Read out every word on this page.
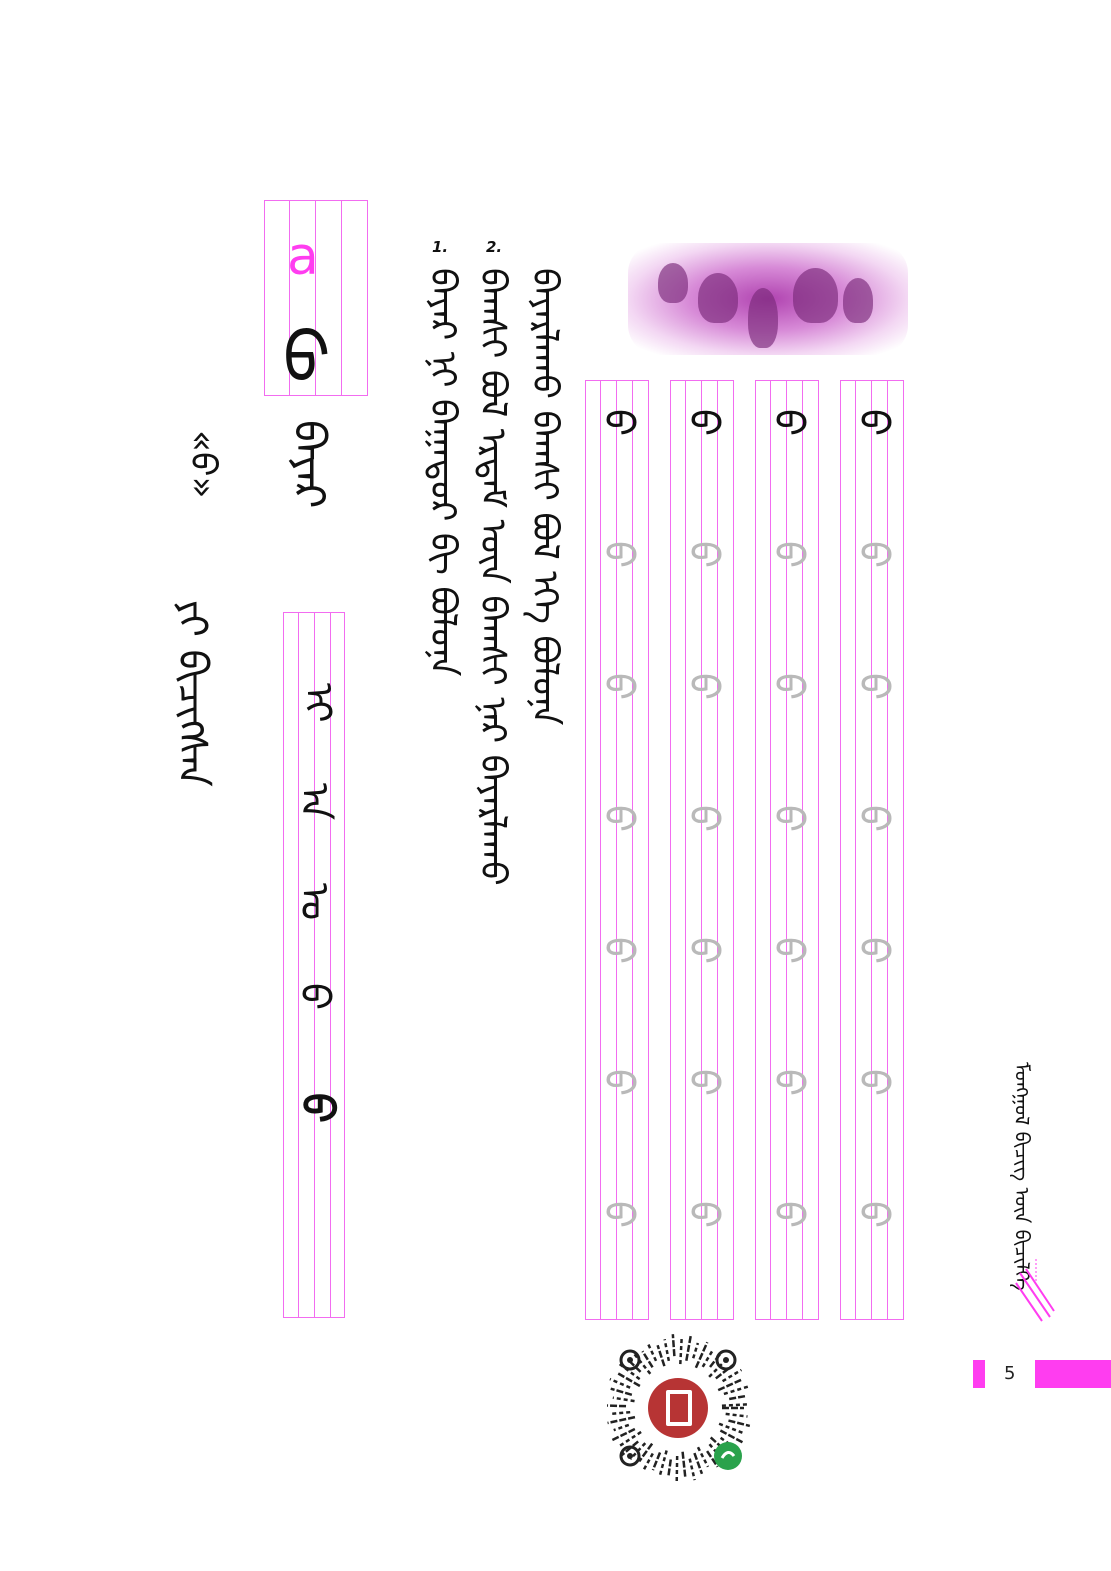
a
ᠪ
ᠪᠠᠶᠠᠷ
ᠢ
ᠠ
ᠣ
ᠪ
ᠪ
«ᠪ»
ᠶᠢ ᠪᠢᠴᠢᠭᠰᠡᠨ
1.	2.
ᠪᠠᠶᠠᠷ ᠨᠢ ᠪᠠᠭᠠᠲᠤᠷ ᠪᠢ ᠪᠤᠯᠤᠨᠠ ᠪᠠᠭᠰᠢ ᠪᠣᠯ ᠡᠷᠳᠡᠮ ᠦᠨ ᠪᠠᠭᠰᠢ ᠨᠠᠷ ᠪᠠᠶᠠᠷᠯᠠᠬᠤ ᠪᠠᠶᠠᠷᠯᠠᠬᠤ ᠪᠠᠭᠰᠢ ᠪᠣᠯ ᠡᠬᠡ ᠪᠤᠯᠤᠨᠠ ᠪ
ᠪ
ᠪ
ᠪ
ᠪ
ᠪ
ᠪ
ᠪ
ᠪ
ᠪ
ᠪ
ᠪ
ᠪ
ᠪ
ᠪ
ᠪ
ᠪ
ᠪ
ᠪ
ᠪ
ᠪ
ᠪ
ᠪ
ᠪ
ᠪ
ᠪ
ᠪ
ᠪ	ᠮᠣᠩᠭᠣᠯ ᠪᠢᠴᠢᠭ ᠦᠨ ᠪᠢᠴᠢᠯᠭᠡ
5
